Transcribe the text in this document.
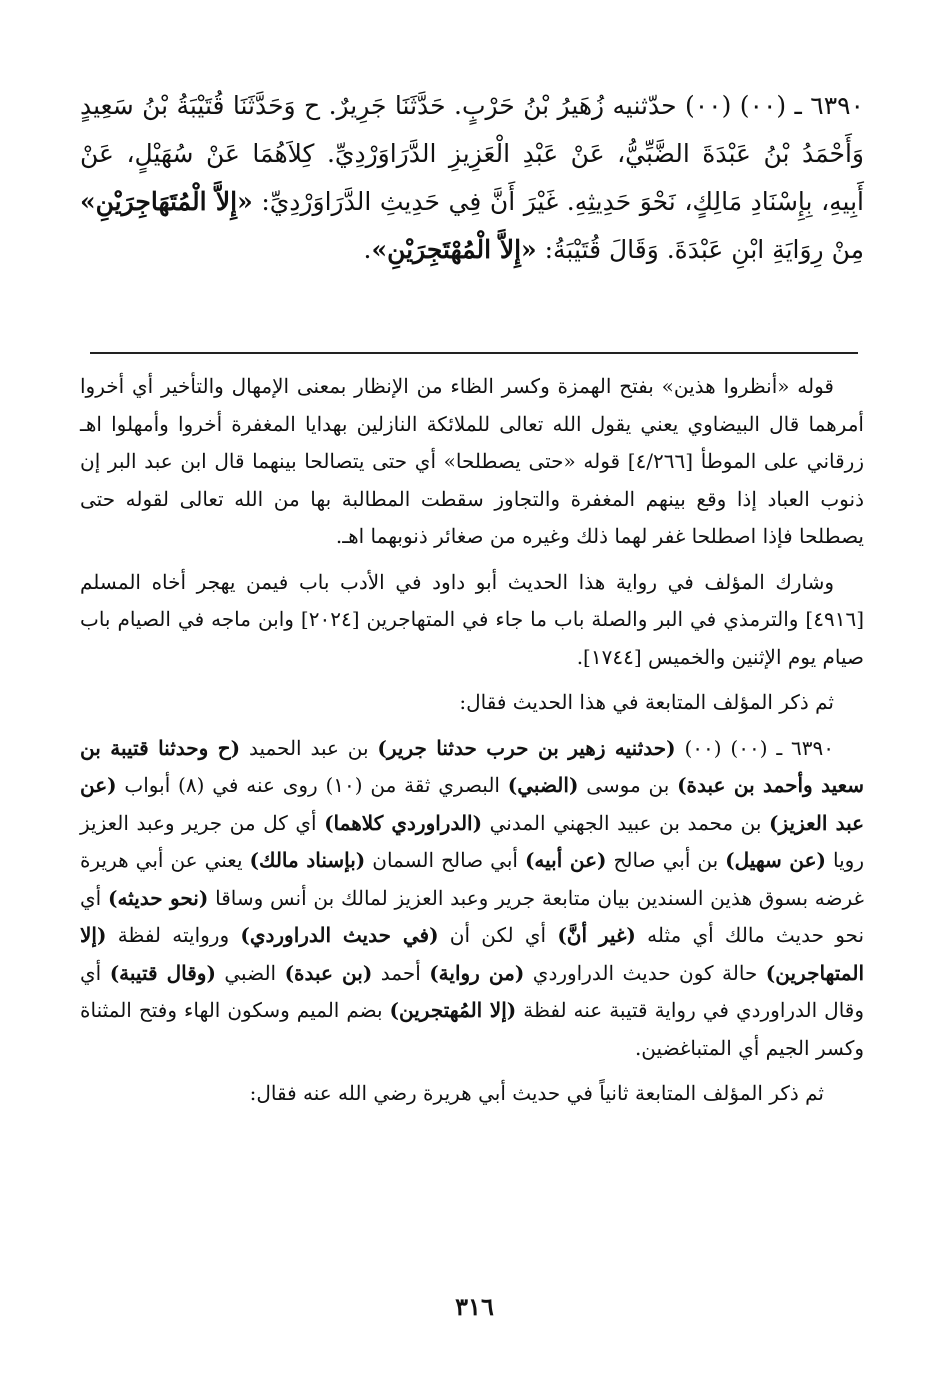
٦٣٩٠ ـ (٠٠) (٠٠) حدّثنيه زُهَيرُ بْنُ حَرْبٍ. حَدَّثَنَا جَرِيرٌ. ح وَحَدَّثَنَا قُتَيْبَةُ بْنُ سَعِيدٍ وَأَحْمَدُ بْنُ عَبْدَةَ الضَّبِّيُّ، عَنْ عَبْدِ الْعَزِيزِ الدَّرَاوَرْدِيِّ. كِلاَهُمَا عَنْ سُهَيْلٍ، عَنْ أَبِيهِ، بِإِسْنَادِ مَالِكٍ، نَحْوَ حَدِيثِهِ. غَيْرَ أَنَّ فِي حَدِيثِ الدَّرَاوَرْدِيِّ: «إِلاَّ الْمُتَهَاجِرَيْنِ» مِنْ رِوَايَةِ ابْنِ عَبْدَةَ. وَقَالَ قُتَيْبَةُ: «إِلاَّ الْمُهْتَجِرَيْنِ».

قوله «أنظروا هذين» بفتح الهمزة وكسر الظاء من الإنظار بمعنى الإمهال والتأخير أي أخروا أمرهما قال البيضاوي يعني يقول الله تعالى للملائكة النازلين بهدايا المغفرة أخروا وأمهلوا اهـ زرقاني على الموطأ [٤/٢٦٦] قوله «حتى يصطلحا» أي حتى يتصالحا بينهما قال ابن عبد البر إن ذنوب العباد إذا وقع بينهم المغفرة والتجاوز سقطت المطالبة بها من الله تعالى لقوله حتى يصطلحا فإذا اصطلحا غفر لهما ذلك وغيره من صغائر ذنوبهما اهـ.

وشارك المؤلف في رواية هذا الحديث أبو داود في الأدب باب فيمن يهجر أخاه المسلم [٤٩١٦] والترمذي في البر والصلة باب ما جاء في المتهاجرين [٢٠٢٤] وابن ماجه في الصيام باب صيام يوم الإثنين والخميس [١٧٤٤].

ثم ذكر المؤلف المتابعة في هذا الحديث فقال:

٦٣٩٠ ـ (٠٠) (٠٠) (حدثنيه زهير بن حرب حدثنا جرير) بن عبد الحميد (ح وحدثنا قتيبة بن سعيد وأحمد بن عبدة) بن موسى (الضبي) البصري ثقة من (١٠) روى عنه في (٨) أبواب (عن عبد العزيز) بن محمد بن عبيد الجهني المدني (الدراوردي كلاهما) أي كل من جرير وعبد العزيز رويا (عن سهيل) بن أبي صالح (عن أبيه) أبي صالح السمان (بإسناد مالك) يعني عن أبي هريرة غرضه بسوق هذين السندين بيان متابعة جرير وعبد العزيز لمالك بن أنس وساقا (نحو حديثه) أي نحو حديث مالك أي مثله (غير أنَّ) أي لكن أن (في حديث الدراوردي) وروايته لفظة (إلا المتهاجرين) حالة كون حديث الدراوردي (من رواية) أحمد (بن عبدة) الضبي (وقال قتيبة) أي وقال الدراوردي في رواية قتيبة عنه لفظة (إلا المُهتجرين) بضم الميم وسكون الهاء وفتح المثناة وكسر الجيم أي المتباغضين.

ثم ذكر المؤلف المتابعة ثانياً في حديث أبي هريرة رضي الله عنه فقال:

٣١٦
